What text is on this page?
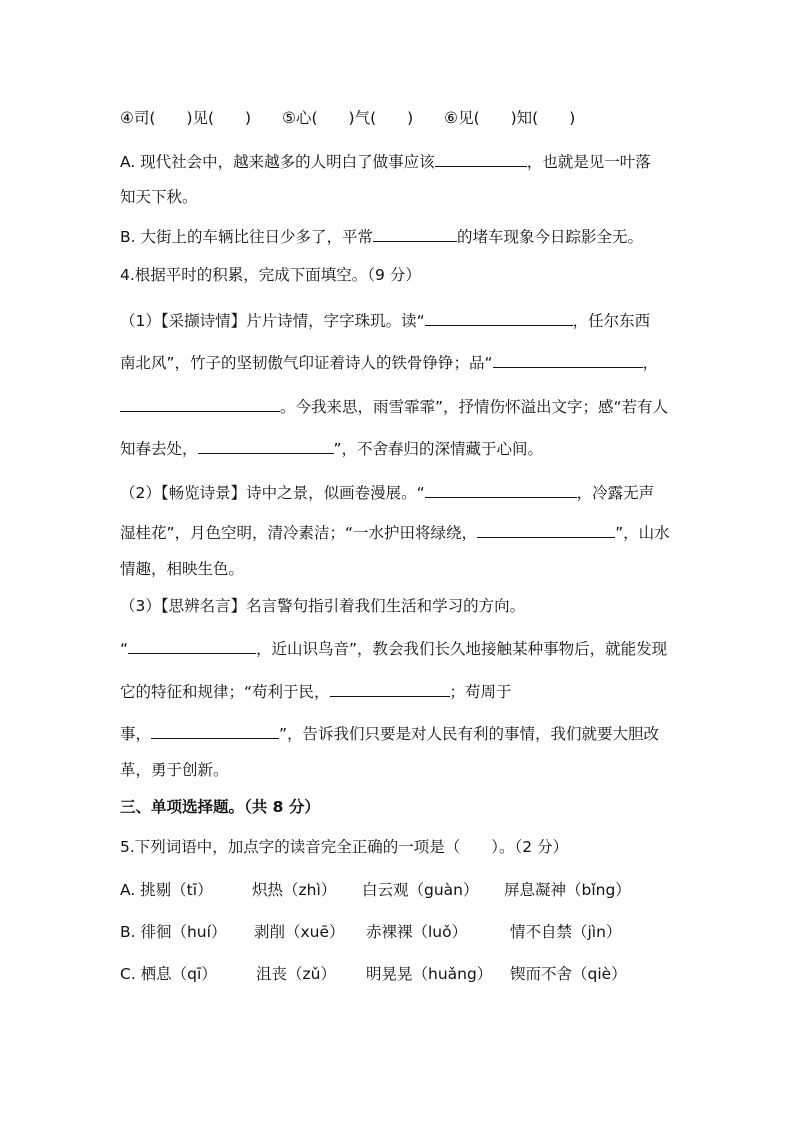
④司(　　)见(　　)　　⑤心(　　)气(　　)　　⑥见(　　)知(　　)
A. 现代社会中，越来越多的人明白了做事应该	，也就是见一叶落
知天下秋。
B. 大街上的车辆比往日少多了，平常	的堵车现象今日踪影全无。
4.根据平时的积累，完成下面填空。（9 分）
（1）【采撷诗情】片片诗情，字字珠玑。读“	，任尔东西
南北风”，竹子的坚韧傲气印证着诗人的铁骨铮铮；品“	，
。今我来思，雨雪霏霏”，抒情伤怀溢出文字；感“若有人
知春去处，	”，不舍春归的深情藏于心间。
（2）【畅览诗景】诗中之景，似画卷漫展。“	，冷露无声
湿桂花”，月色空明，清冷素洁；“一水护田将绿绕，	”，山水
情趣，相映生色。
（3）【思辨名言】名言警句指引着我们生活和学习的方向。
“	，近山识鸟音”，教会我们长久地接触某种事物后，就能发现
它的特征和规律；“苟利于民，	；苟周于
事，	”，告诉我们只要是对人民有利的事情，我们就要大胆改
革，勇于创新。
三、单项选择题。（共 8 分）
5.下列词语中，加点字的读音完全正确的一项是（　　）。（2 分）
A. 挑剔（tī）	炽热（zhì） 白云观（guàn） 屏息凝神（bǐng）
B. 徘徊（huí） 剥削（xuē） 赤裸裸（luǒ）	情不自禁（jìn）
C. 栖息（qī）	沮丧（zǔ） 明晃晃（huǎng） 锲而不舍（qiè）
